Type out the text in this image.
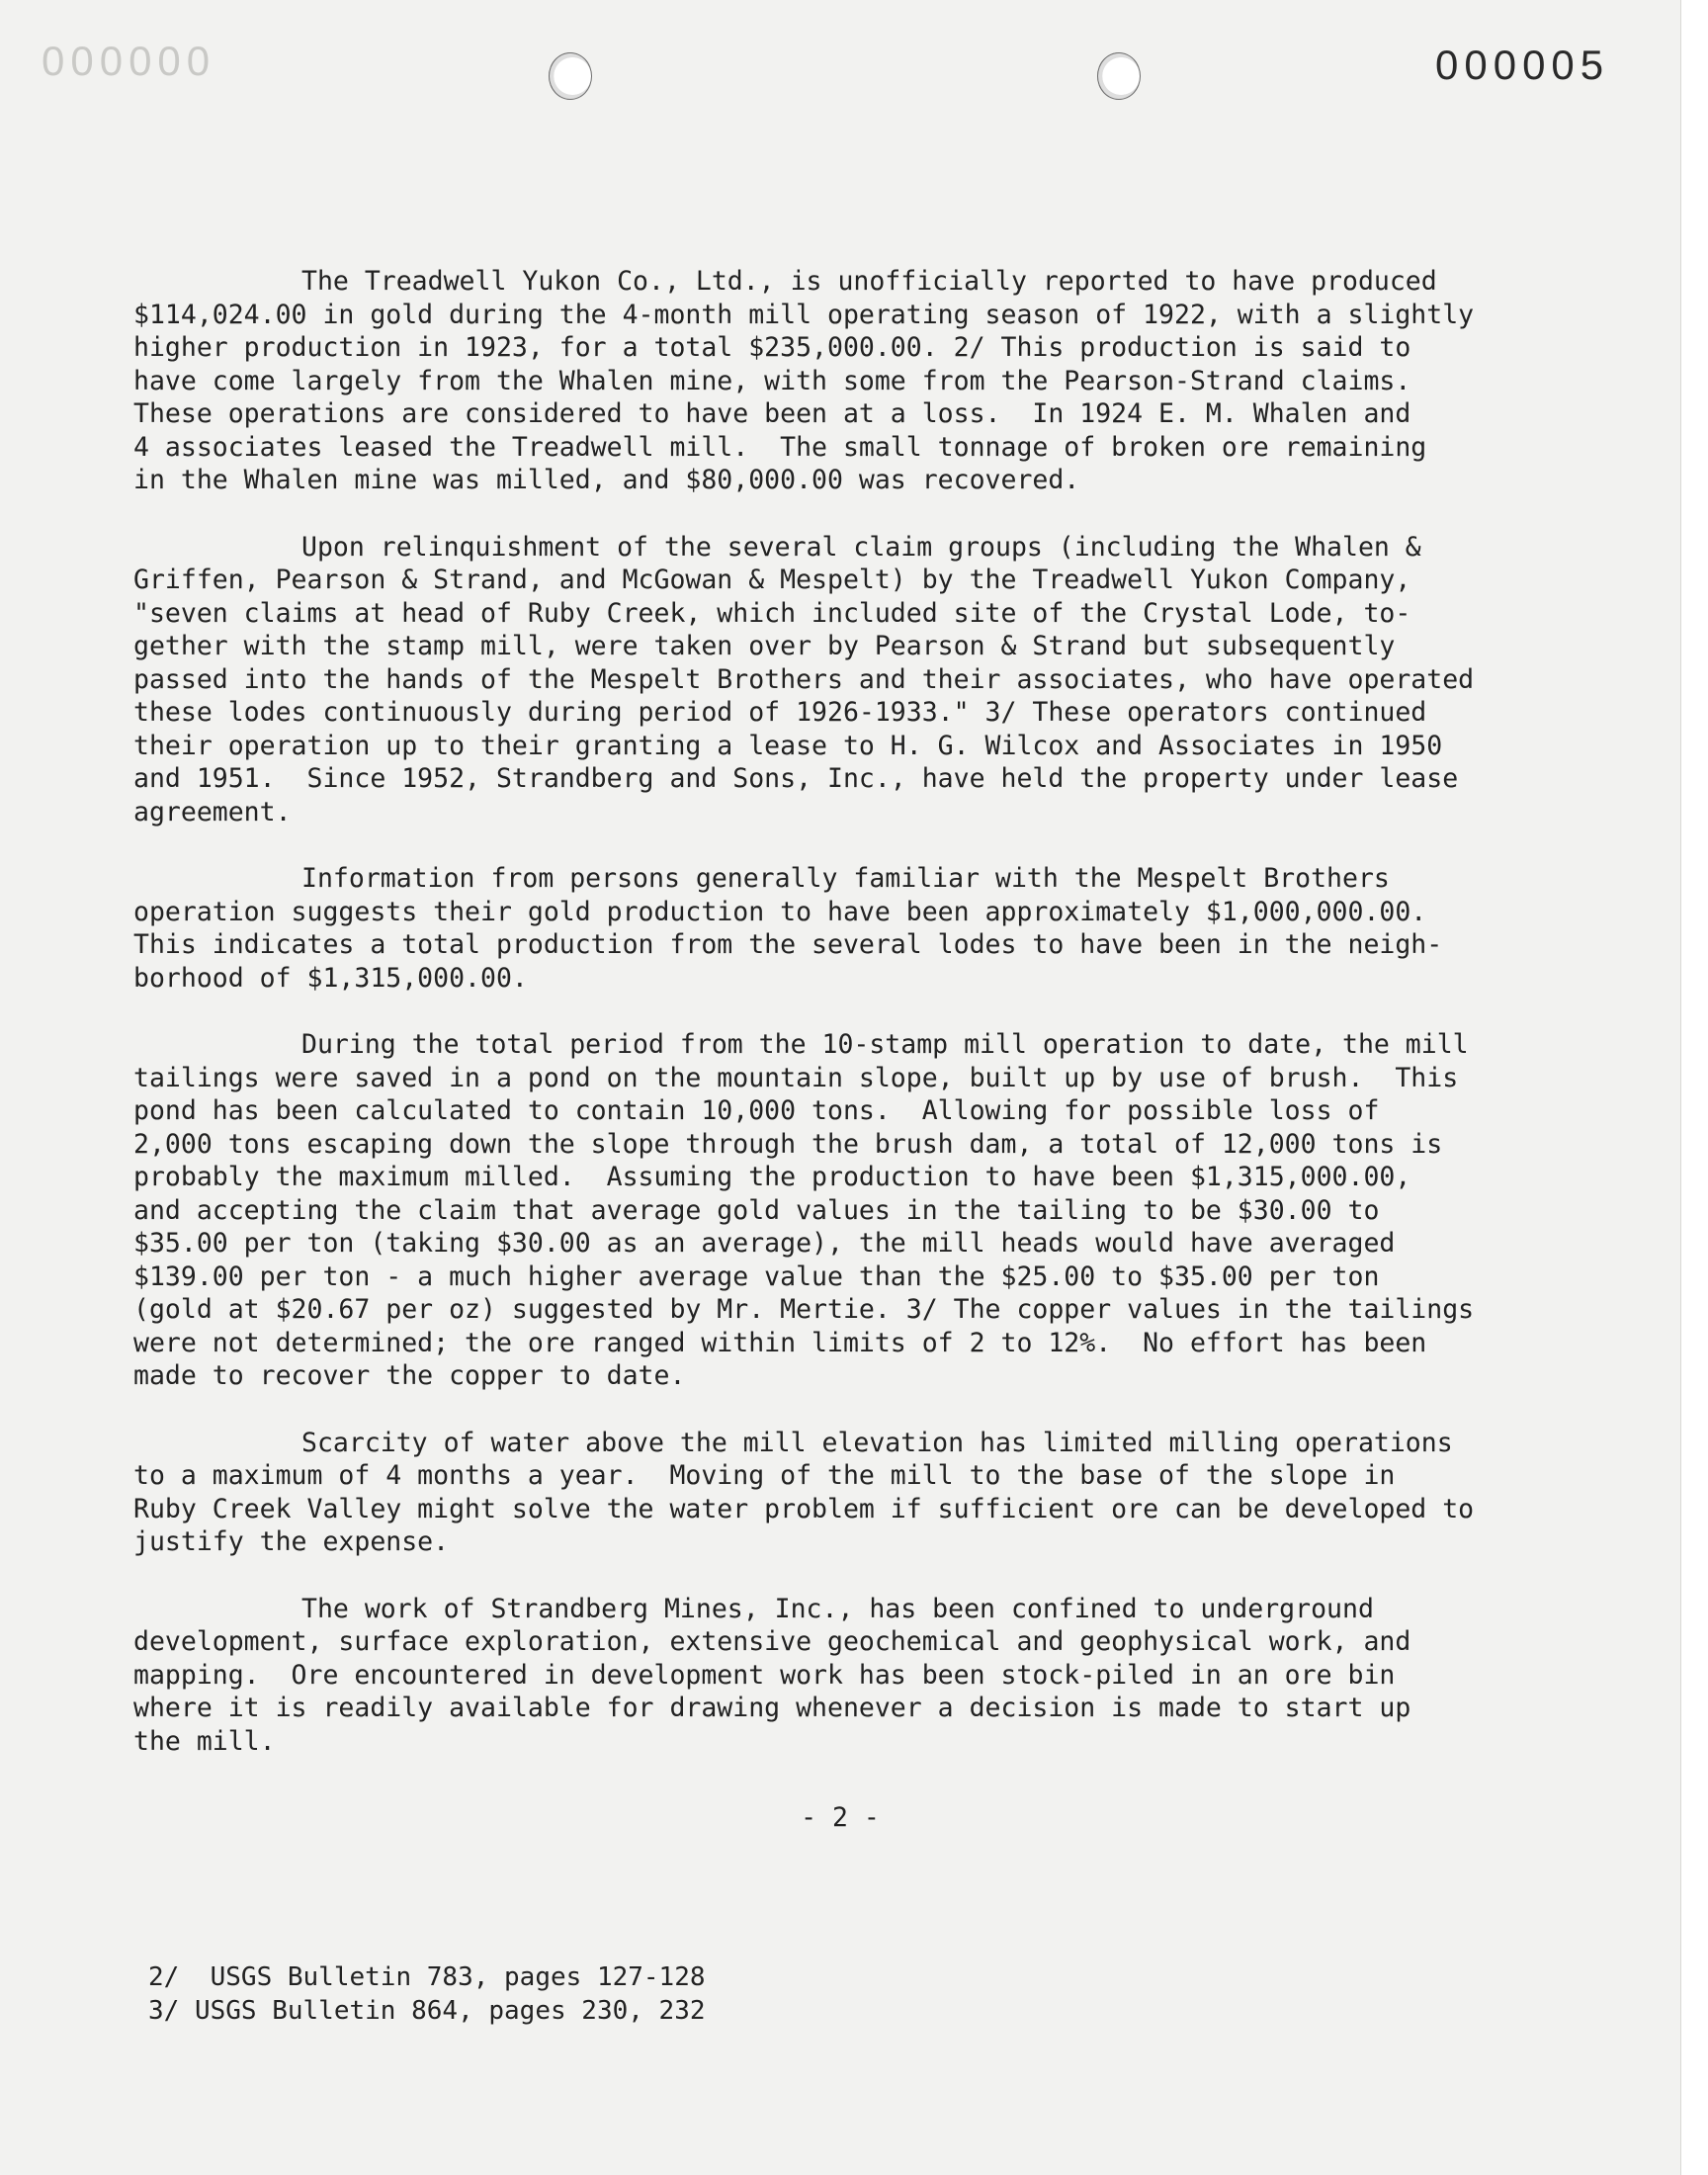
000000	000005

The Treadwell Yukon Co., Ltd., is unofficially reported to have produced
$114,024.00 in gold during the 4-month mill operating season of 1922, with a slightly
higher production in 1923, for a total $235,000.00. 2/ This production is said to
have come largely from the Whalen mine, with some from the Pearson-Strand claims.
These operations are considered to have been at a loss.  In 1924 E. M. Whalen and
4 associates leased the Treadwell mill.  The small tonnage of broken ore remaining
in the Whalen mine was milled, and $80,000.00 was recovered.

Upon relinquishment of the several claim groups (including the Whalen &
Griffen, Pearson & Strand, and McGowan & Mespelt) by the Treadwell Yukon Company,
"seven claims at head of Ruby Creek, which included site of the Crystal Lode, to-
gether with the stamp mill, were taken over by Pearson & Strand but subsequently
passed into the hands of the Mespelt Brothers and their associates, who have operated
these lodes continuously during period of 1926-1933." 3/ These operators continued
their operation up to their granting a lease to H. G. Wilcox and Associates in 1950
and 1951.  Since 1952, Strandberg and Sons, Inc., have held the property under lease
agreement.

Information from persons generally familiar with the Mespelt Brothers
operation suggests their gold production to have been approximately $1,000,000.00.
This indicates a total production from the several lodes to have been in the neigh-
borhood of $1,315,000.00.

During the total period from the 10-stamp mill operation to date, the mill
tailings were saved in a pond on the mountain slope, built up by use of brush.  This
pond has been calculated to contain 10,000 tons.  Allowing for possible loss of
2,000 tons escaping down the slope through the brush dam, a total of 12,000 tons is
probably the maximum milled.  Assuming the production to have been $1,315,000.00,
and accepting the claim that average gold values in the tailing to be $30.00 to
$35.00 per ton (taking $30.00 as an average), the mill heads would have averaged
$139.00 per ton - a much higher average value than the $25.00 to $35.00 per ton
(gold at $20.67 per oz) suggested by Mr. Mertie. 3/ The copper values in the tailings
were not determined; the ore ranged within limits of 2 to 12%.  No effort has been
made to recover the copper to date.

Scarcity of water above the mill elevation has limited milling operations
to a maximum of 4 months a year.  Moving of the mill to the base of the slope in
Ruby Creek Valley might solve the water problem if sufficient ore can be developed to
justify the expense.

The work of Strandberg Mines, Inc., has been confined to underground
development, surface exploration, extensive geochemical and geophysical work, and
mapping.  Ore encountered in development work has been stock-piled in an ore bin
where it is readily available for drawing whenever a decision is made to start up
the mill.

- 2 -
2/  USGS Bulletin 783, pages 127-128
3/ USGS Bulletin 864, pages 230, 232
